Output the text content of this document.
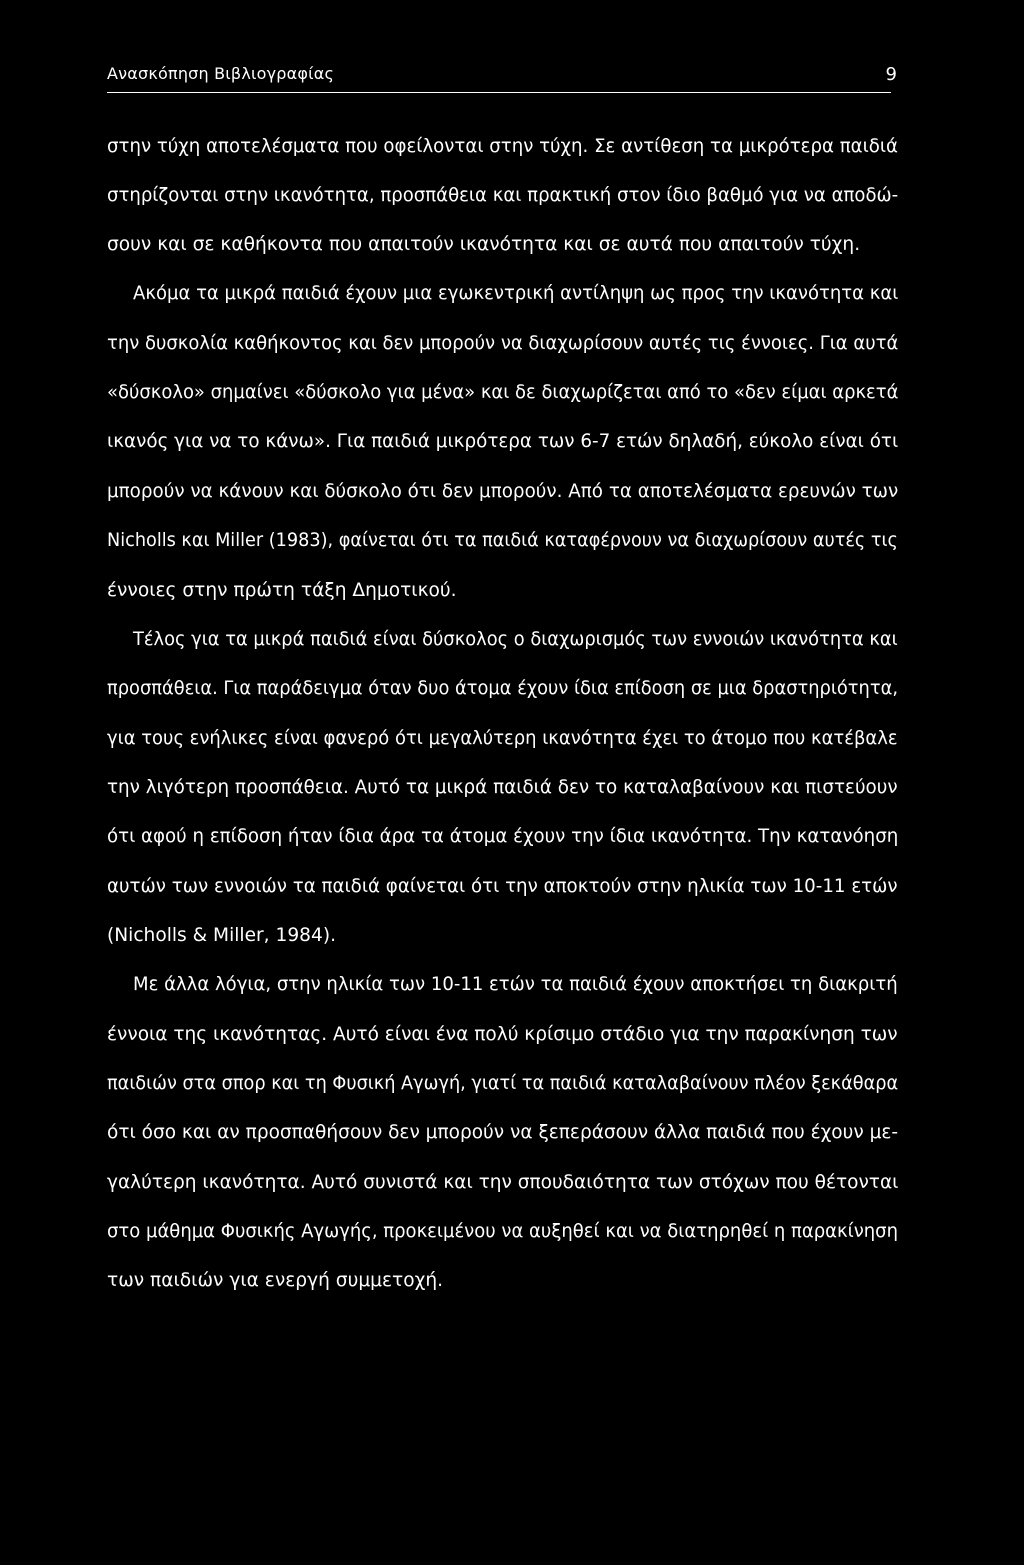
Ανασκόπηση Βιβλιογραφίας	9
στην τύχη αποτελέσματα που οφείλονται στην τύχη. Σε αντίθεση τα μικρότερα παιδιά
στηρίζονται στην ικανότητα, προσπάθεια και πρακτική στον ίδιο βαθμό για να αποδώ-
σουν και σε καθήκοντα που απαιτούν ικανότητα και σε αυτά που απαιτούν τύχη.
Ακόμα τα μικρά παιδιά έχουν μια εγωκεντρική αντίληψη ως προς την ικανότητα και
την δυσκολία καθήκοντος και δεν μπορούν να διαχωρίσουν αυτές τις έννοιες. Για αυτά
«δύσκολο» σημαίνει «δύσκολο για μένα» και δε διαχωρίζεται από το «δεν είμαι αρκετά
ικανός για να το κάνω». Για παιδιά μικρότερα των 6-7 ετών δηλαδή, εύκολο είναι ότι
μπορούν να κάνουν και δύσκολο ότι δεν μπορούν. Από τα αποτελέσματα ερευνών των
Nicholls και Miller (1983), φαίνεται ότι τα παιδιά καταφέρνουν να διαχωρίσουν αυτές τις
έννοιες στην πρώτη τάξη Δημοτικού.
Τέλος για τα μικρά παιδιά είναι δύσκολος ο διαχωρισμός των εννοιών ικανότητα και
προσπάθεια. Για παράδειγμα όταν δυο άτομα έχουν ίδια επίδοση σε μια δραστηριότητα,
για τους ενήλικες είναι φανερό ότι μεγαλύτερη ικανότητα έχει το άτομο που κατέβαλε
την λιγότερη προσπάθεια. Αυτό τα μικρά παιδιά δεν το καταλαβαίνουν και πιστεύουν
ότι αφού η επίδοση ήταν ίδια άρα τα άτομα έχουν την ίδια ικανότητα. Την κατανόηση
αυτών των εννοιών τα παιδιά φαίνεται ότι την αποκτούν στην ηλικία των 10-11 ετών
(Nicholls & Miller, 1984).
Με άλλα λόγια, στην ηλικία των 10-11 ετών τα παιδιά έχουν αποκτήσει τη διακριτή
έννοια της ικανότητας. Αυτό είναι ένα πολύ κρίσιμο στάδιο για την παρακίνηση των
παιδιών στα σπορ και τη Φυσική Αγωγή, γιατί τα παιδιά καταλαβαίνουν πλέον ξεκάθαρα
ότι όσο και αν προσπαθήσουν δεν μπορούν να ξεπεράσουν άλλα παιδιά που έχουν με-
γαλύτερη ικανότητα. Αυτό συνιστά και την σπουδαιότητα των στόχων που θέτονται
στο μάθημα Φυσικής Αγωγής, προκειμένου να αυξηθεί και να διατηρηθεί η παρακίνηση
των παιδιών για ενεργή συμμετοχή.
